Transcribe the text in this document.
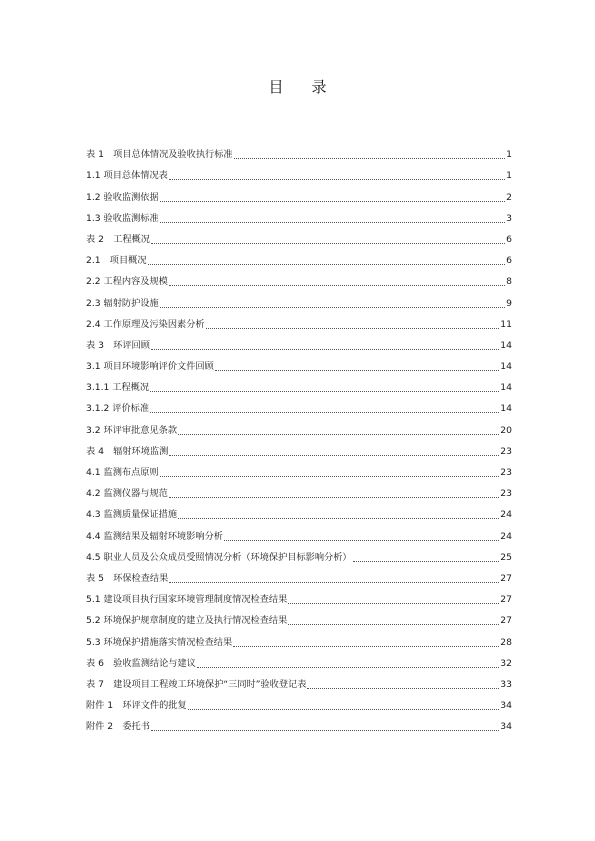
目 录
表 1　项目总体情况及验收执行标准	1
1.1 项目总体情况表	1
1.2 验收监测依据	2
1.3 验收监测标准	3
表 2　工程概况	6
2.1　项目概况	6
2.2 工程内容及规模	8
2.3 辐射防护设施	9
2.4 工作原理及污染因素分析	11
表 3　环评回顾	14
3.1 项目环境影响评价文件回顾	14
3.1.1 工程概况	14
3.1.2 评价标准	14
3.2 环评审批意见条款	20
表 4　辐射环境监测	23
4.1 监测布点原则	23
4.2 监测仪器与规范	23
4.3 监测质量保证措施	24
4.4 监测结果及辐射环境影响分析	24
4.5 职业人员及公众成员受照情况分析（环境保护目标影响分析）	25
表 5　环保检查结果	27
5.1 建设项目执行国家环境管理制度情况检查结果	27
5.2 环境保护规章制度的建立及执行情况检查结果	27
5.3 环境保护措施落实情况检查结果	28
表 6　验收监测结论与建议	32
表 7　建设项目工程竣工环境保护“三同时”验收登记表	33
附件 1　环评文件的批复	34
附件 2　委托书	34
